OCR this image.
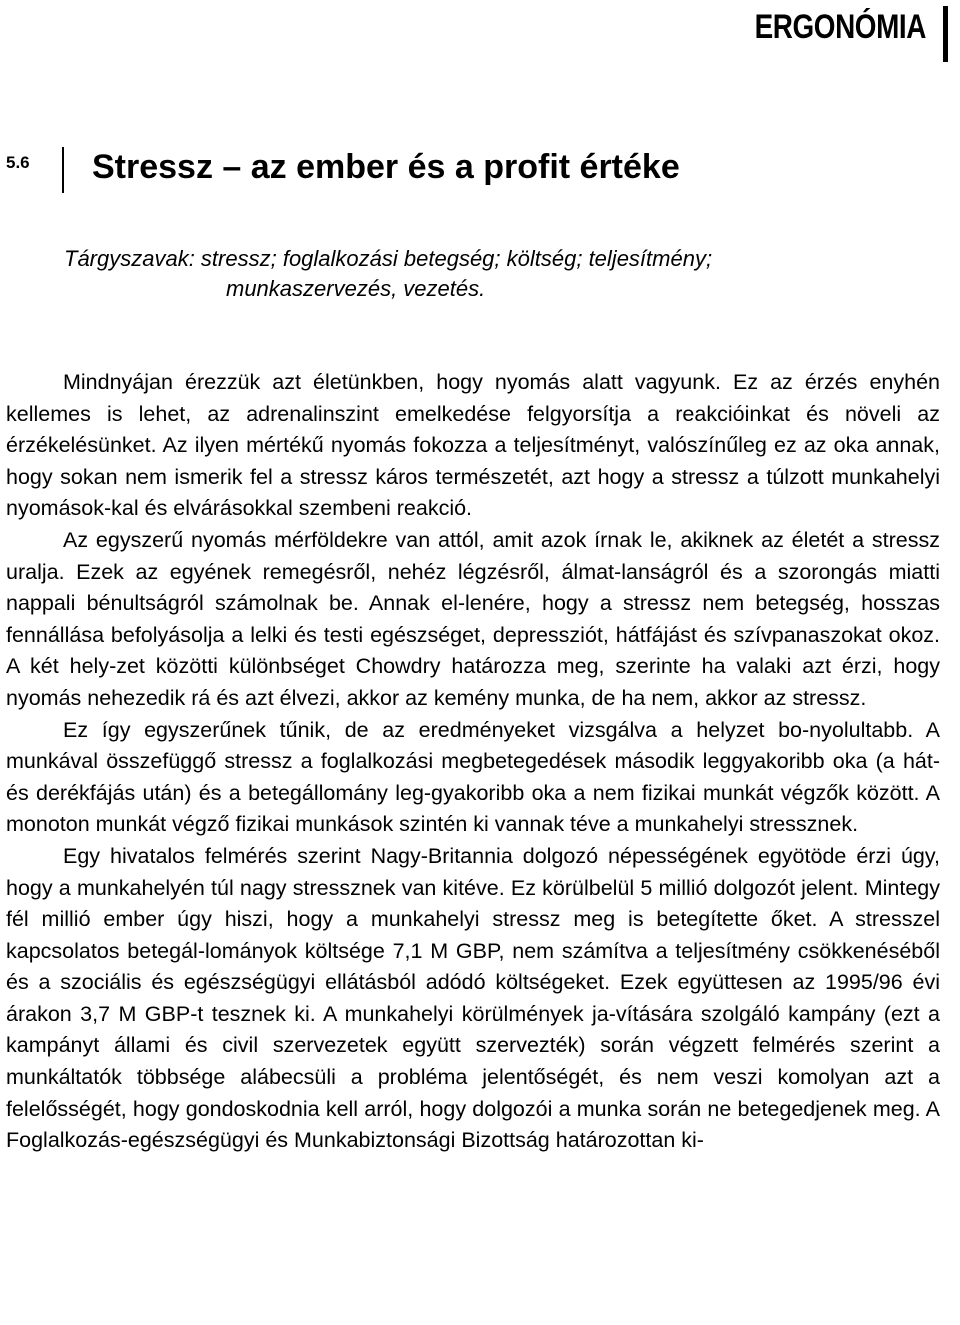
ERGONÓMIA
5.6 Stressz – az ember és a profit értéke
Tárgyszavak: stressz; foglalkozási betegség; költség; teljesítmény;
munkaszervezés, vezetés.

Mindnyájan érezzük azt életünkben, hogy nyomás alatt vagyunk. Ez az érzés enyhén kellemes is lehet, az adrenalinszint emelkedése felgyorsítja a reakcióinkat és növeli az érzékelésünket. Az ilyen mértékű nyomás fokozza a teljesítményt, valószínűleg ez az oka annak, hogy sokan nem ismerik fel a stressz káros természetét, azt hogy a stressz a túlzott munkahelyi nyomások-kal és elvárásokkal szembeni reakció.

Az egyszerű nyomás mérföldekre van attól, amit azok írnak le, akiknek az életét a stressz uralja. Ezek az egyének remegésről, nehéz légzésről, álmat-lanságról és a szorongás miatti nappali bénultságról számolnak be. Annak el-lenére, hogy a stressz nem betegség, hosszas fennállása befolyásolja a lelki és testi egészséget, depressziót, hátfájást és szívpanaszokat okoz. A két hely-zet közötti különbséget Chowdry határozza meg, szerinte ha valaki azt érzi, hogy nyomás nehezedik rá és azt élvezi, akkor az kemény munka, de ha nem, akkor az stressz.

Ez így egyszerűnek tűnik, de az eredményeket vizsgálva a helyzet bo-nyolultabb. A munkával összefüggő stressz a foglalkozási megbetegedések második leggyakoribb oka (a hát- és derékfájás után) és a betegállomány leg-gyakoribb oka a nem fizikai munkát végzők között. A monoton munkát végző fizikai munkások szintén ki vannak téve a munkahelyi stressznek.

Egy hivatalos felmérés szerint Nagy-Britannia dolgozó népességének egyötöde érzi úgy, hogy a munkahelyén túl nagy stressznek van kitéve. Ez körülbelül 5 millió dolgozót jelent. Mintegy fél millió ember úgy hiszi, hogy a munkahelyi stressz meg is betegítette őket. A stresszel kapcsolatos betegál-lományok költsége 7,1 M GBP, nem számítva a teljesítmény csökkenéséből és a szociális és egészségügyi ellátásból adódó költségeket. Ezek együttesen az 1995/96 évi árakon 3,7 M GBP-t tesznek ki. A munkahelyi körülmények ja-vítására szolgáló kampány (ezt a kampányt állami és civil szervezetek együtt szervezték) során végzett felmérés szerint a munkáltatók többsége alábecsüli a probléma jelentőségét, és nem veszi komolyan azt a felelősségét, hogy gondoskodnia kell arról, hogy dolgozói a munka során ne betegedjenek meg. A Foglalkozás-egészségügyi és Munkabiztonsági Bizottság határozottan ki-
